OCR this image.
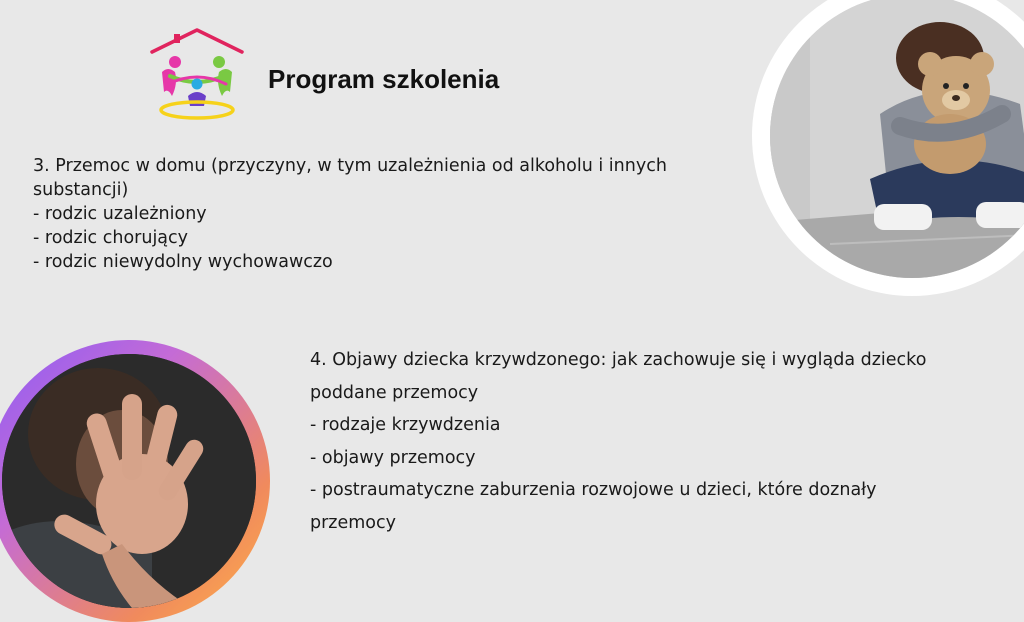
Program szkolenia
3. Przemoc w domu (przyczyny, w tym uzależnienia od alkoholu i innych
substancji)
- rodzic uzależniony
- rodzic chorujący
- rodzic niewydolny wychowawczo
4. Objawy dziecka krzywdzonego: jak zachowuje się i wygląda dziecko
poddane przemocy
- rodzaje krzywdzenia
- objawy przemocy
- postraumatyczne zaburzenia rozwojowe u dzieci, które doznały
przemocy
